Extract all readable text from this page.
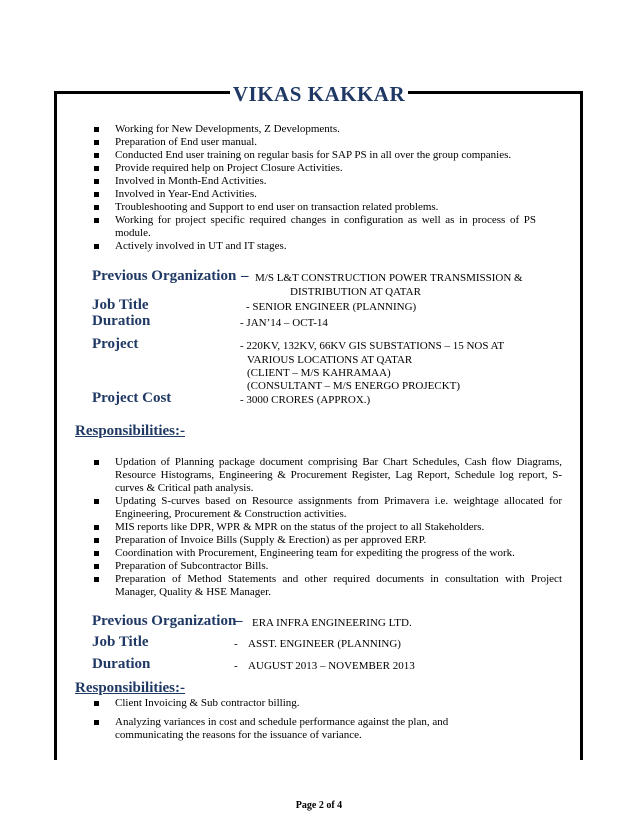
VIKAS KAKKAR
Working for New Developments, Z Developments.
Preparation of End user manual.
Conducted End user training on regular basis for SAP PS in all over the group companies.
Provide required help on Project Closure Activities.
Involved in Month-End Activities.
Involved in Year-End Activities.
Troubleshooting and Support to end user on transaction related problems.
Working for project specific required changes in configuration as well as in process of PS module.
Actively involved in UT and IT stages.
Previous Organization – M/S L&T CONSTRUCTION POWER TRANSMISSION &
DISTRIBUTION AT QATAR
Job Title	- SENIOR ENGINEER (PLANNING)
Duration	- JAN’14 – OCT-14
Project	- 220KV, 132KV, 66KV GIS SUBSTATIONS – 15 NOS AT
VARIOUS LOCATIONS AT QATAR
(CLIENT – M/S KAHRAMAA)
(CONSULTANT – M/S ENERGO PROJECKT)
Project Cost	- 3000 CRORES (APPROX.)
Responsibilities:-
Updation of Planning package document comprising Bar Chart Schedules, Cash flow Diagrams, Resource Histograms, Engineering & Procurement Register, Lag Report, Schedule log report, S-curves & Critical path analysis.
Updating S-curves based on Resource assignments from Primavera i.e. weightage allocated for Engineering, Procurement & Construction activities.
MIS reports like DPR, WPR & MPR on the status of the project to all Stakeholders.
Preparation of Invoice Bills (Supply & Erection) as per approved ERP.
Coordination with Procurement, Engineering team for expediting the progress of the work.
Preparation of Subcontractor Bills.
Preparation of Method Statements and other required documents in consultation with Project Manager, Quality & HSE Manager.
Previous Organization
– ERA INFRA ENGINEERING LTD.
Job Title	-    ASST. ENGINEER (PLANNING)
Duration	-    AUGUST 2013 – NOVEMBER 2013
Responsibilities:-
Client Invoicing & Sub contractor billing.
Analyzing variances in cost and schedule performance against the plan, and communicating the reasons for the issuance of variance.
Page 2 of 4
